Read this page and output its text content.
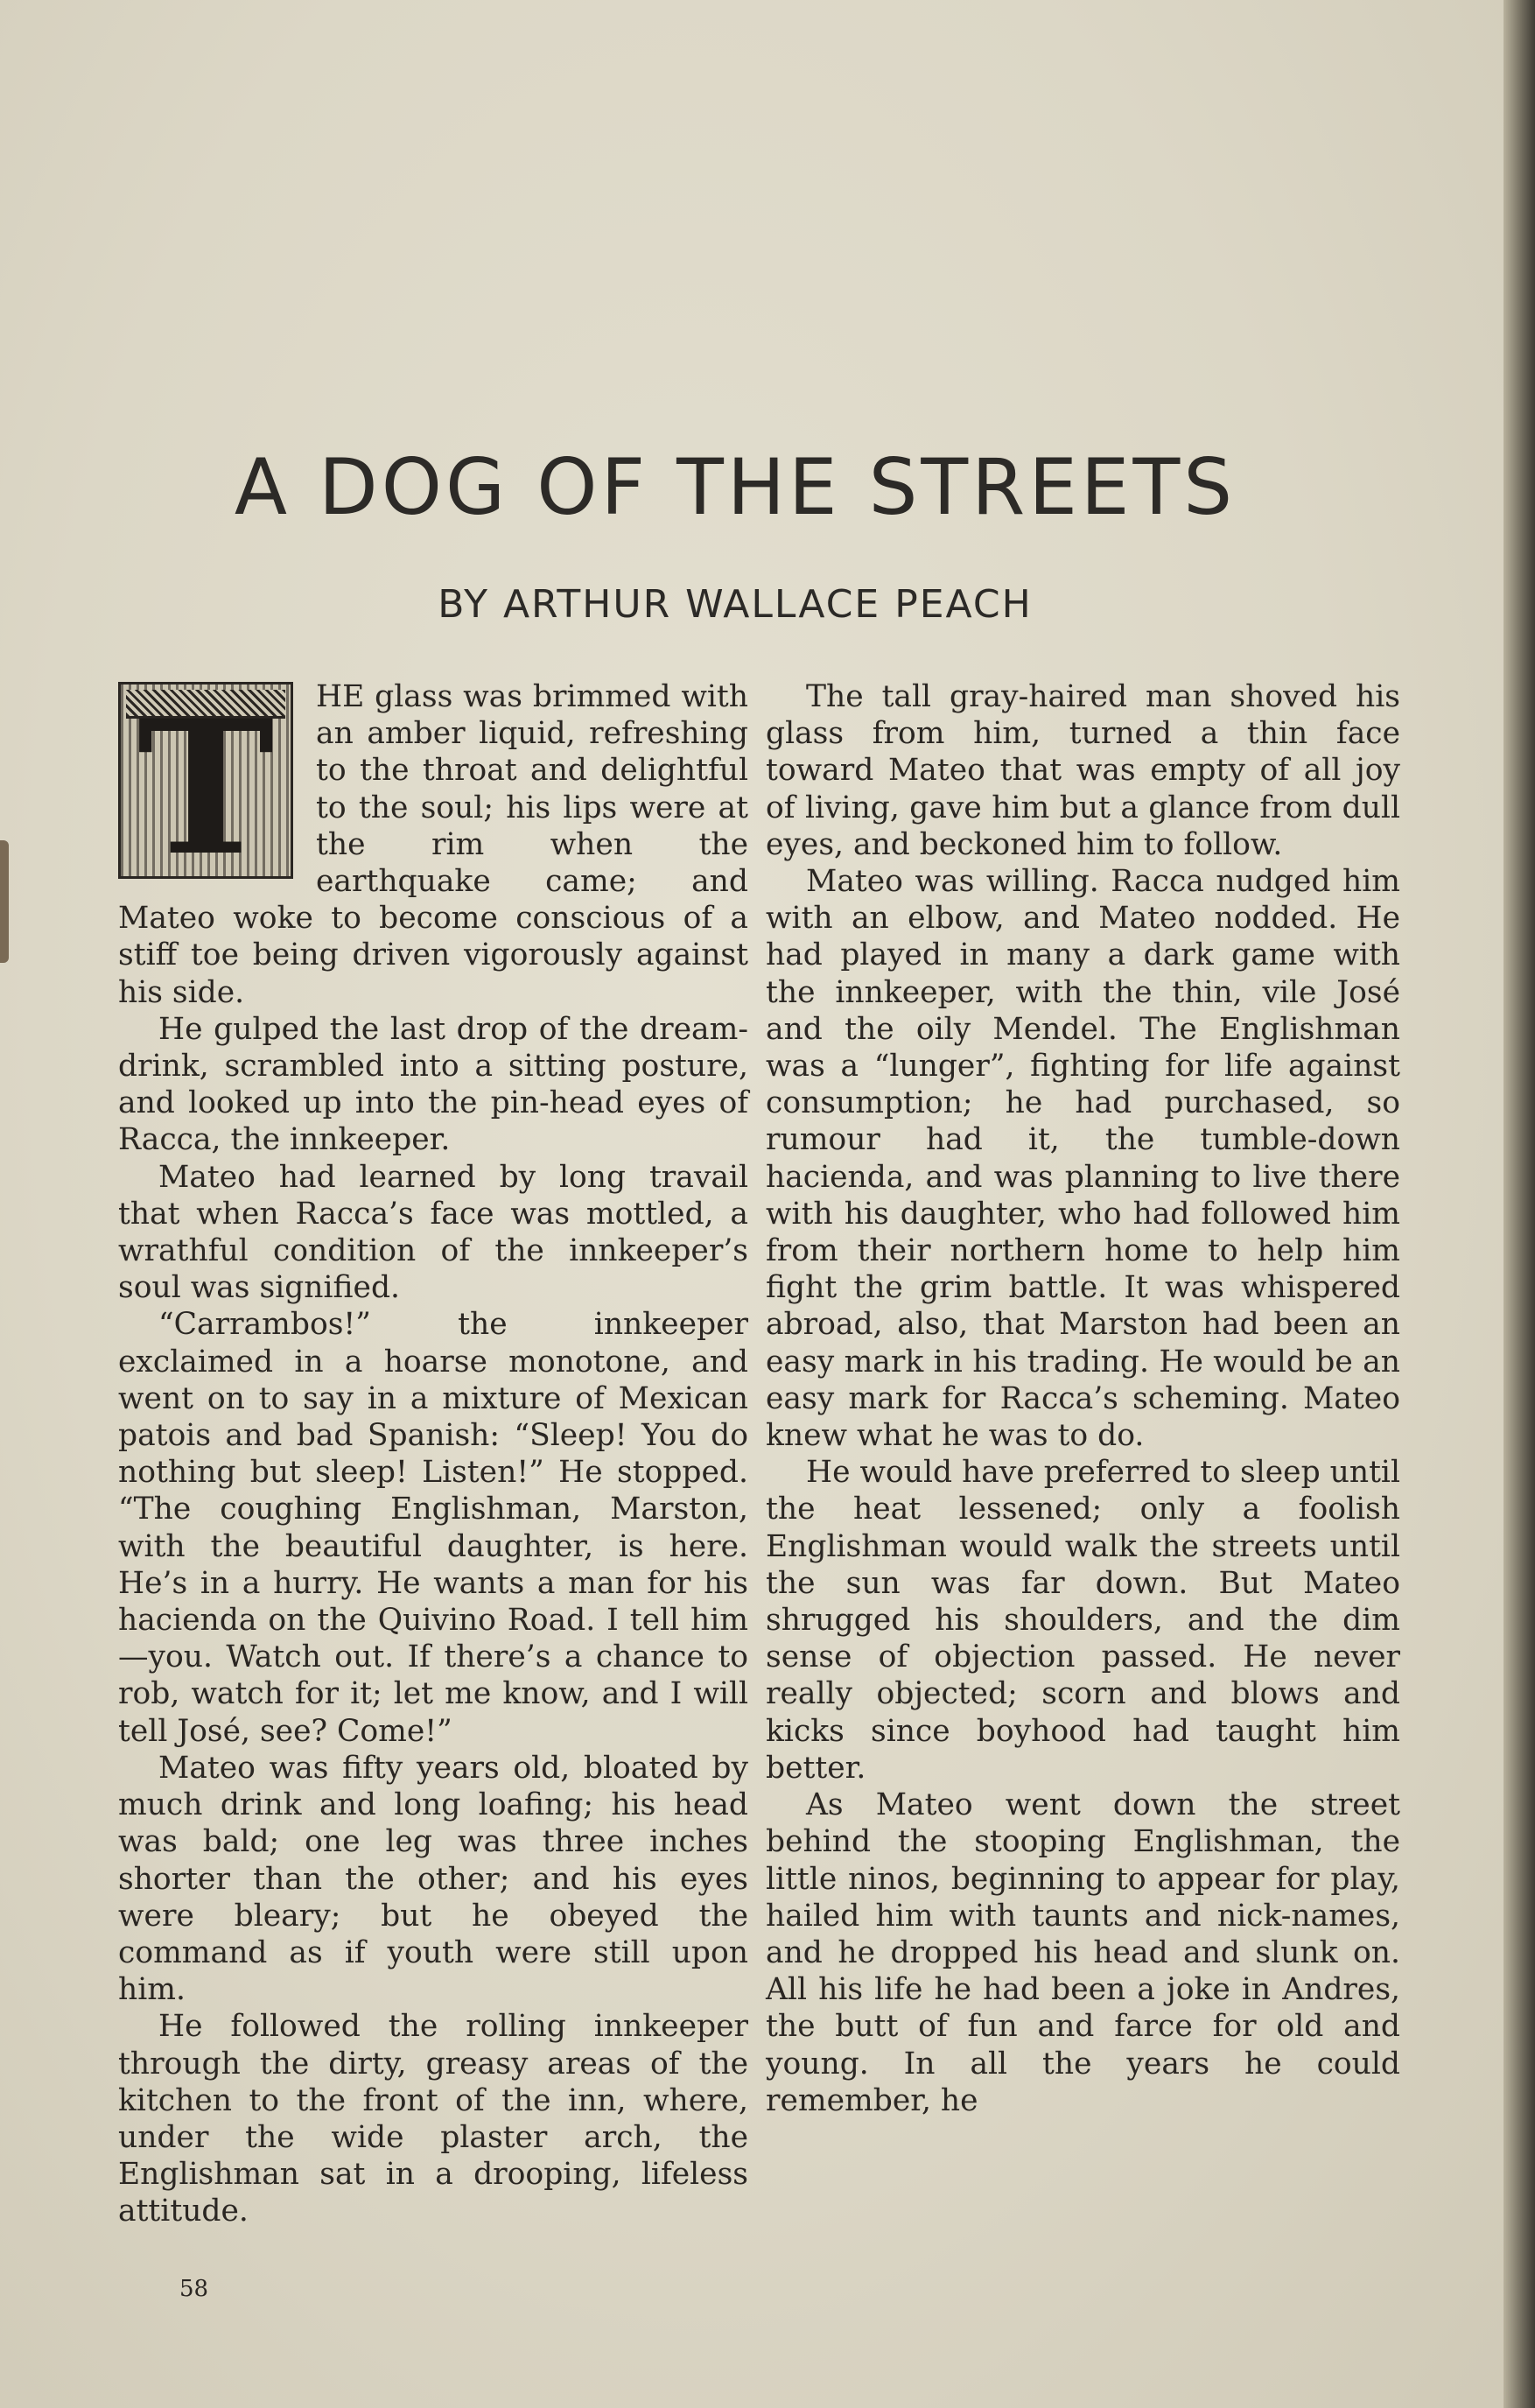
A DOG OF THE STREETS
BY ARTHUR WALLACE PEACH
T	HE glass was brimmed with an amber liquid, refreshing to the throat and delightful to the soul; his lips were at the rim when the earthquake came; and Mateo woke to become conscious of a stiff toe being driven vigorously against his side.

He gulped the last drop of the dream-drink, scrambled into a sitting posture, and looked up into the pin-head eyes of Racca, the innkeeper.

Mateo had learned by long travail that when Racca’s face was mottled, a wrathful condition of the innkeeper’s soul was signified.

“Carrambos!” the innkeeper exclaimed in a hoarse monotone, and went on to say in a mixture of Mexican patois and bad Spanish: “Sleep! You do nothing but sleep! Listen!” He stopped. “The coughing Englishman, Marston, with the beautiful daughter, is here. He’s in a hurry. He wants a man for his hacienda on the Quivino Road. I tell him—you. Watch out. If there’s a chance to rob, watch for it; let me know, and I will tell José, see? Come!”

Mateo was fifty years old, bloated by much drink and long loafing; his head was bald; one leg was three inches shorter than the other; and his eyes were bleary; but he obeyed the command as if youth were still upon him.

He followed the rolling innkeeper through the dirty, greasy areas of the kitchen to the front of the inn, where, under the wide plaster arch, the Englishman sat in a drooping, lifeless attitude.

The tall gray-haired man shoved his glass from him, turned a thin face toward Mateo that was empty of all joy of living, gave him but a glance from dull eyes, and beckoned him to follow.

Mateo was willing. Racca nudged him with an elbow, and Mateo nodded. He had played in many a dark game with the innkeeper, with the thin, vile José and the oily Mendel. The Englishman was a “lunger”, fighting for life against consumption; he had purchased, so rumour had it, the tumble-down hacienda, and was planning to live there with his daughter, who had followed him from their northern home to help him fight the grim battle. It was whispered abroad, also, that Marston had been an easy mark in his trading. He would be an easy mark for Racca’s scheming. Mateo knew what he was to do.

He would have preferred to sleep until the heat lessened; only a foolish Englishman would walk the streets until the sun was far down. But Mateo shrugged his shoulders, and the dim sense of objection passed. He never really objected; scorn and blows and kicks since boyhood had taught him better.

As Mateo went down the street behind the stooping Englishman, the little ninos, beginning to appear for play, hailed him with taunts and nick-names, and he dropped his head and slunk on. All his life he had been a joke in Andres, the butt of fun and farce for old and young. In all the years he could remember, he

58
